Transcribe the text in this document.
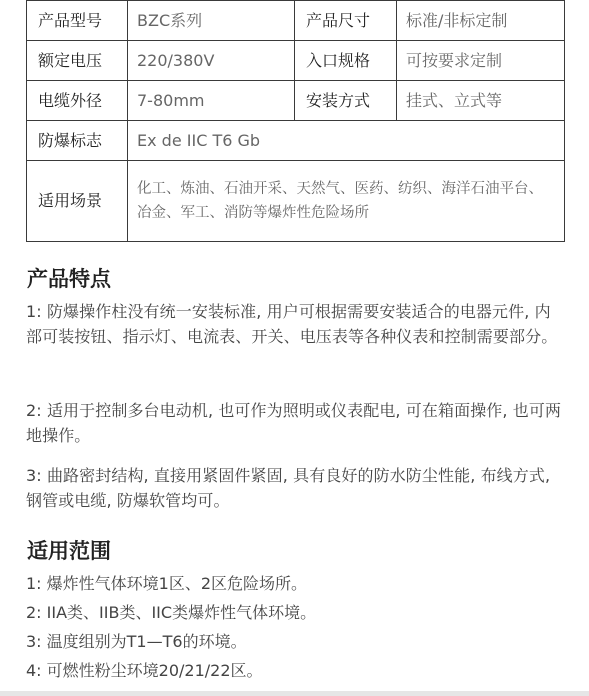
产品型号	BZC系列	产品尺寸	标准/非标定制
额定电压	220/380V	入口规格	可按要求定制
电缆外径	7-80mm	安装方式	挂式、立式等
防爆标志	Ex de IIC T6 Gb		
适用场景	化工、炼油、石油开采、天然气、医药、纺织、海洋石油平台、冶金、军工、消防等爆炸性危险场所		
产品特点

1: 防爆操作柱没有统一安装标准, 用户可根据需要安装适合的电器元件, 内部可装按钮、指示灯、电流表、开关、电压表等各种仪表和控制需要部分。

2: 适用于控制多台电动机, 也可作为照明或仪表配电, 可在箱面操作, 也可两地操作。

3: 曲路密封结构, 直接用紧固件紧固, 具有良好的防水防尘性能, 布线方式, 钢管或电缆, 防爆软管均可。

适用范围

1: 爆炸性气体环境1区、2区危险场所。

2: IIA类、IIB类、IIC类爆炸性气体环境。

3: 温度组别为T1—T6的环境。

4: 可燃性粉尘环境20/21/22区。
